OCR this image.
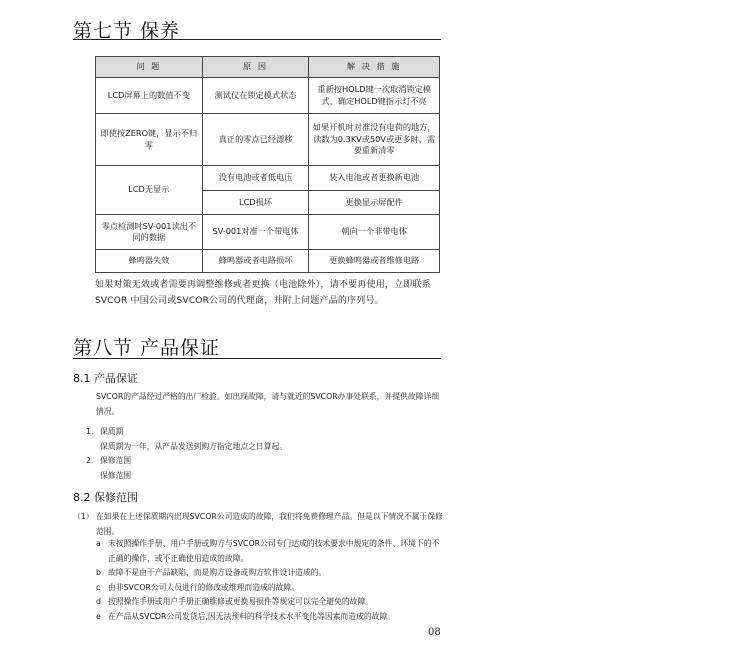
第七节 保养
问 题	原 因	解 决 措 施
LCD屏幕上的数值不变	测试仪在锁定模式状态	重新按HOLD键一次取消锁定模式，确定HOLD键指示灯不亮
即使按ZERO键，显示不归零	真正的零点已经漂移	如果开机时对准没有电荷的地方，读数为0.3KV或50V或更多时，需要重新清零
LCD无显示	没有电池或者低电压	装入电池或者更换新电池
	LCD损坏	更换显示屏配件
零点检测时SV-001读出不同的数据	SV-001对准一个带电体	朝向一个非带电体
蜂鸣器失效	蜂鸣器或者电路损坏	更换蜂鸣器或者维修电路
如果对策无效或者需要再调整维修或者更换（电池除外），请不要再使用，立即联系 SVCOR 中国公司或SVCOR公司的代理商，并附上问题产品的序列号。
第八节 产品保证
8.1 产品保证
SVCOR的产品经过严格的出厂检验。如出现故障，请与就近的SVCOR办事处联系，并提供故障详细情况。
1. 保质期
保质期为一年，从产品发送到购方指定地点之日算起。
2. 保修范围
保修范围
8.2 保修范围
（1） 在如果在上述保质期内出现SVCOR公司造成的故障，我们将免费修理产品。但是以下情况不属于保修范围。
a 未按照操作手册、用户手册或购方与SVCOR公司专门达成的技术要求中规定的条件、环境下的不正确的操作，或不正确使用造成的故障。
b 故障不是由于产品缺陷，而是购方设备或购方软件设计造成的。
c 由非SVCOR公司人员进行的修改或维理而造成的故障。
d 按照操作手册或用户手册正确维修或更换易损件等规定可以完全避免的故障。
e 在产品从SVCOR公司发货后,因无法预料的科学技术水平变化等因素而造成的故障。
08
